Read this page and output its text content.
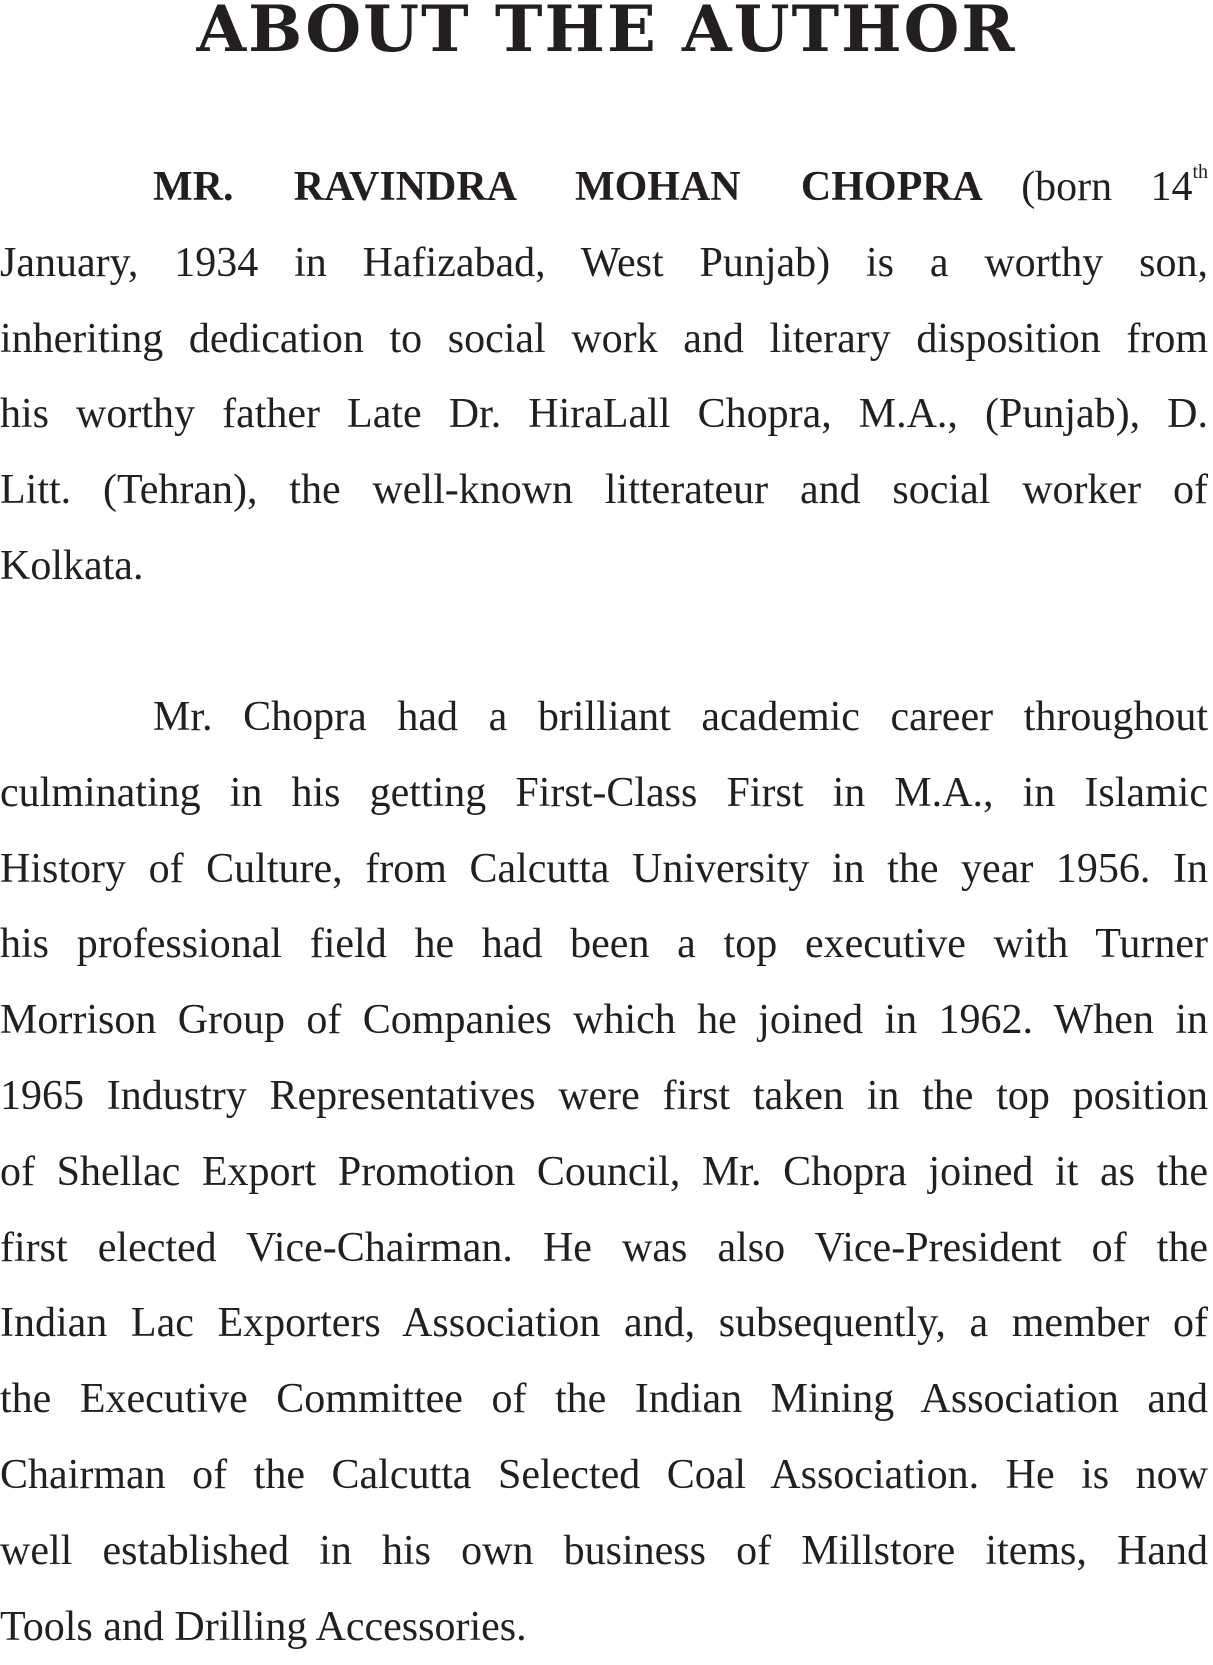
ABOUT THE AUTHOR
MR. RAVINDRA MOHAN CHOPRA (born 14th
January, 1934 in Hafizabad, West Punjab) is a worthy son,
inheriting dedication to social work and literary disposition from
his worthy father Late Dr. HiraLall Chopra, M.A., (Punjab), D.
Litt. (Tehran), the well-known litterateur and social worker of
Kolkata.
Mr. Chopra had a brilliant academic career throughout
culminating in his getting First-Class First in M.A., in Islamic
History of Culture, from Calcutta University in the year 1956. In
his professional field he had been a top executive with Turner
Morrison Group of Companies which he joined in 1962. When in
1965 Industry Representatives were first taken in the top position
of Shellac Export Promotion Council, Mr. Chopra joined it as the
first elected Vice-Chairman. He was also Vice-President of the
Indian Lac Exporters Association and, subsequently, a member of
the Executive Committee of the Indian Mining Association and
Chairman of the Calcutta Selected Coal Association. He is now
well established in his own business of Millstore items, Hand
Tools and Drilling Accessories.
